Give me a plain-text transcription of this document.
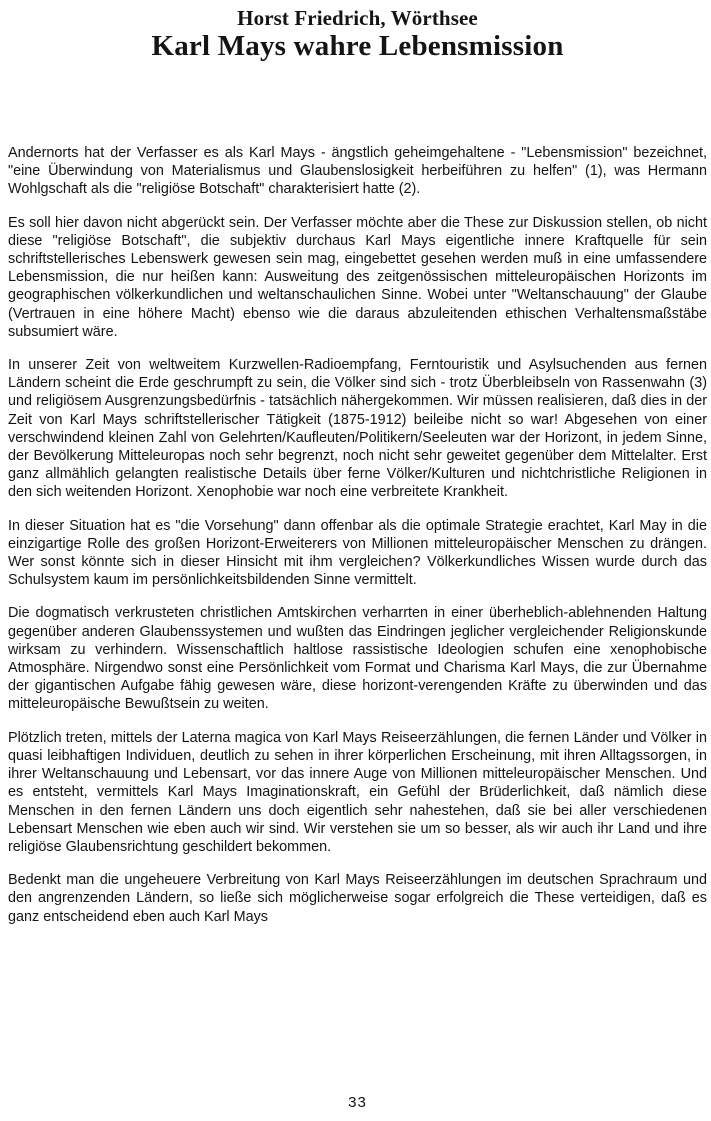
Horst Friedrich, Wörthsee
Karl Mays wahre Lebensmission

Andernorts hat der Verfasser es als Karl Mays - ängstlich geheimgehaltene - "Lebensmission" bezeichnet, "eine Überwindung von Materialismus und Glaubenslosigkeit herbeiführen zu helfen" (1), was Hermann Wohlgschaft als die "religiöse Botschaft" charakterisiert hatte (2).

Es soll hier davon nicht abgerückt sein. Der Verfasser möchte aber die These zur Diskussion stellen, ob nicht diese "religiöse Botschaft", die subjektiv durchaus Karl Mays eigentliche innere Kraftquelle für sein schriftstellerisches Lebenswerk gewesen sein mag, eingebettet gesehen werden muß in eine umfassendere Lebensmission, die nur heißen kann: Ausweitung des zeitgenössischen mitteleuropäischen Horizonts im geographischen völkerkundlichen und weltanschaulichen Sinne. Wobei unter "Weltanschauung" der Glaube (Vertrauen in eine höhere Macht) ebenso wie die daraus abzuleitenden ethischen Verhaltensmaßstäbe subsumiert wäre.

In unserer Zeit von weltweitem Kurzwellen-Radioempfang, Ferntouristik und Asylsuchenden aus fernen Ländern scheint die Erde geschrumpft zu sein, die Völker sind sich - trotz Überbleibseln von Rassenwahn (3) und religiösem Ausgrenzungsbedürfnis - tatsächlich nähergekommen. Wir müssen realisieren, daß dies in der Zeit von Karl Mays schriftstellerischer Tätigkeit (1875-1912) beileibe nicht so war! Abgesehen von einer verschwindend kleinen Zahl von Gelehrten/Kaufleuten/Politikern/Seeleuten war der Horizont, in jedem Sinne, der Bevölkerung Mitteleuropas noch sehr begrenzt, noch nicht sehr geweitet gegenüber dem Mittelalter. Erst ganz allmählich gelangten realistische Details über ferne Völker/Kulturen und nichtchristliche Religionen in den sich weitenden Horizont. Xenophobie war noch eine verbreitete Krankheit.

In dieser Situation hat es "die Vorsehung" dann offenbar als die optimale Strategie erachtet, Karl May in die einzigartige Rolle des großen Horizont-Erweiterers von Millionen mitteleuropäischer Menschen zu drängen. Wer sonst könnte sich in dieser Hinsicht mit ihm vergleichen? Völkerkundliches Wissen wurde durch das Schulsystem kaum im persönlichkeitsbildenden Sinne vermittelt.

Die dogmatisch verkrusteten christlichen Amtskirchen verharrten in einer überheblich-ablehnenden Haltung gegenüber anderen Glaubenssystemen und wußten das Eindringen jeglicher vergleichender Religionskunde wirksam zu verhindern. Wissenschaftlich haltlose rassistische Ideologien schufen eine xenophobische Atmosphäre. Nirgendwo sonst eine Persönlichkeit vom Format und Charisma Karl Mays, die zur Übernahme der gigantischen Aufgabe fähig gewesen wäre, diese horizont-verengenden Kräfte zu überwinden und das mitteleuropäische Bewußtsein zu weiten.

Plötzlich treten, mittels der Laterna magica von Karl Mays Reiseerzählungen, die fernen Länder und Völker in quasi leibhaftigen Individuen, deutlich zu sehen in ihrer körperlichen Erscheinung, mit ihren Alltagssorgen, in ihrer Weltanschauung und Lebensart, vor das innere Auge von Millionen mitteleuropäischer Menschen. Und es entsteht, vermittels Karl Mays Imaginationskraft, ein Gefühl der Brüderlichkeit, daß nämlich diese Menschen in den fernen Ländern uns doch eigentlich sehr nahestehen, daß sie bei aller verschiedenen Lebensart Menschen wie eben auch wir sind. Wir verstehen sie um so besser, als wir auch ihr Land und ihre religiöse Glaubensrichtung geschildert bekommen.

Bedenkt man die ungeheuere Verbreitung von Karl Mays Reiseerzählungen im deutschen Sprachraum und den angrenzenden Ländern, so ließe sich möglicherweise sogar erfolgreich die These verteidigen, daß es ganz entscheidend eben auch Karl Mays

33
